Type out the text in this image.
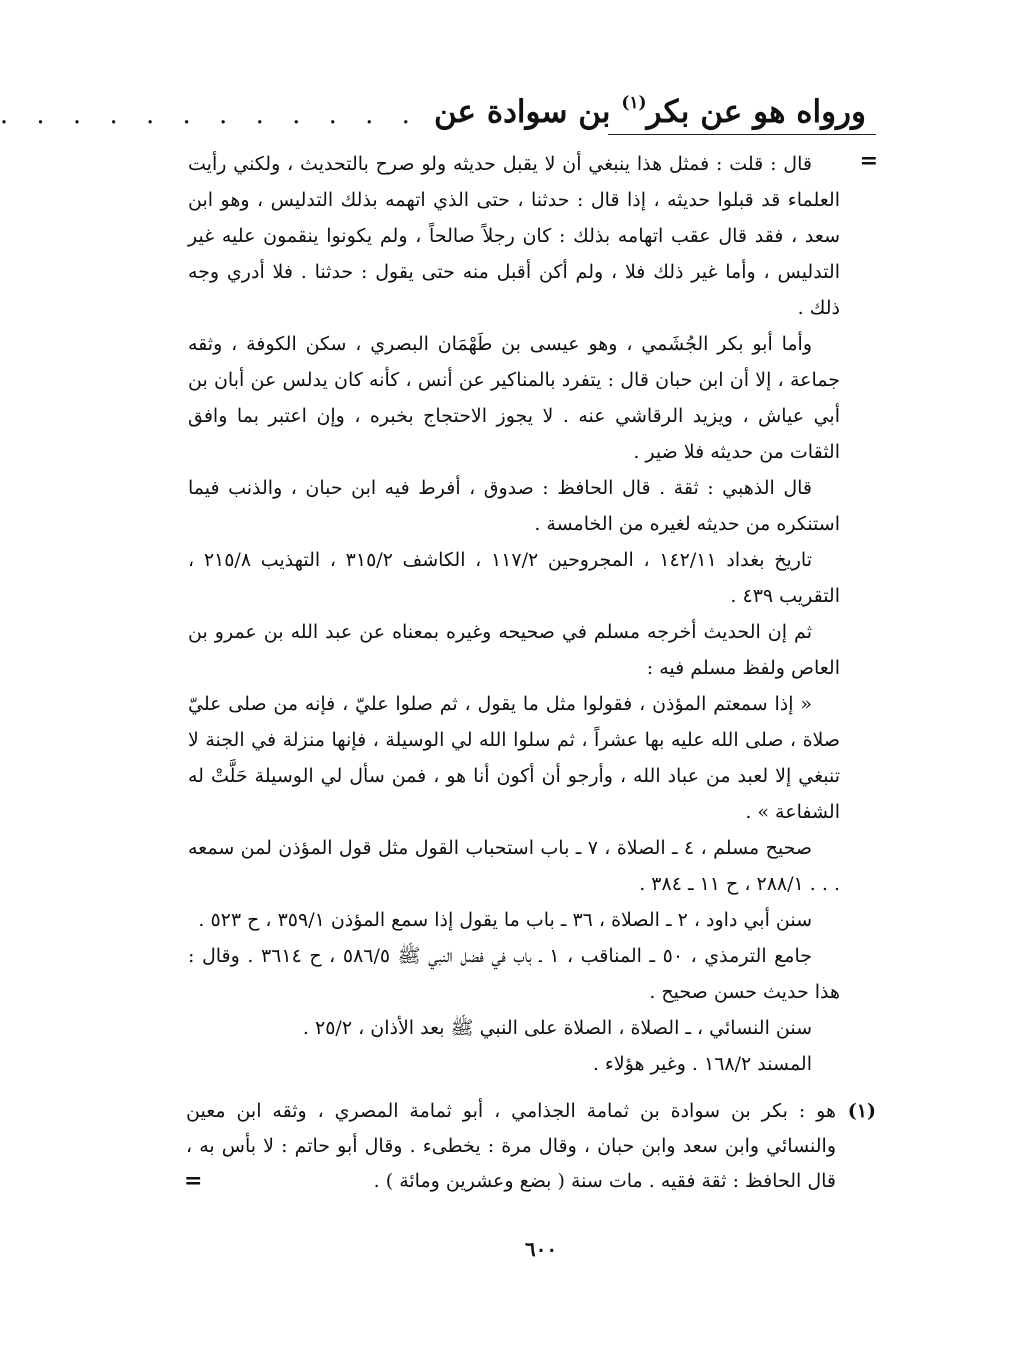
ورواه هو عن بكر$^{(١)}$ بن سوادة عن
. . . . . . . . . . . .
=

قال : قلت : فمثل هذا ينبغي أن لا يقبل حديثه ولو صرح بالتحديث ، ولكني رأيت العلماء قد قبلوا حديثه ، إذا قال : حدثنا ، حتى الذي اتهمه بذلك التدليس ، وهو ابن سعد ، فقد قال عقب اتهامه بذلك : كان رجلاً صالحاً ، ولم يكونوا ينقمون عليه غير التدليس ، وأما غير ذلك فلا ، ولم أكن أقبل منه حتى يقول : حدثنا . فلا أدري وجه ذلك .

وأما أبو بكر الجُشَمي ، وهو عيسى بن طَهْمَان البصري ، سكن الكوفة ، وثقه جماعة ، إلا أن ابن حبان قال : يتفرد بالمناكير عن أنس ، كأنه كان يدلس عن أبان بن أبي عياش ، ويزيد الرقاشي عنه . لا يجوز الاحتجاج بخبره ، وإن اعتبر بما وافق الثقات من حديثه فلا ضير .

قال الذهبي : ثقة . قال الحافظ : صدوق ، أفرط فيه ابن حبان ، والذنب فيما استنكره من حديثه لغيره من الخامسة .

تاريخ بغداد ١٤٢/١١ ، المجروحين ١١٧/٢ ، الكاشف ٣١٥/٢ ، التهذيب ٢١٥/٨ ، التقريب ٤٣٩ .

ثم إن الحديث أخرجه مسلم في صحيحه وغيره بمعناه عن عبد الله بن عمرو بن العاص ولفظ مسلم فيه :

« إذا سمعتم المؤذن ، فقولوا مثل ما يقول ، ثم صلوا عليّ ، فإنه من صلى عليّ صلاة ، صلى الله عليه بها عشراً ، ثم سلوا الله لي الوسيلة ، فإنها منزلة في الجنة لا تنبغي إلا لعبد من عباد الله ، وأرجو أن أكون أنا هو ، فمن سأل لي الوسيلة حَلَّتْ له الشفاعة » .

صحيح مسلم ، ٤ ـ الصلاة ، ٧ ـ باب استحباب القول مثل قول المؤذن لمن سمعه . . . ٢٨٨/١ ، ح ١١ ـ ٣٨٤ .

سنن أبي داود ، ٢ ـ الصلاة ، ٣٦ ـ باب ما يقول إذا سمع المؤذن ٣٥٩/١ ، ح ٥٢٣ .

جامع الترمذي ، ٥٠ ـ المناقب ، ١ ـ باب في فضل النبي ﷺ ٥٨٦/٥ ، ح ٣٦١٤ . وقال : هذا حديث حسن صحيح .

سنن النسائي ، ـ الصلاة ، الصلاة على النبي ﷺ بعد الأذان ، ٢٥/٢ .

المسند ١٦٨/٢ . وغير هؤلاء .

(١)
هو : بكر بن سوادة بن ثمامة الجذامي ، أبو ثمامة المصري ، وثقه ابن معين والنسائي وابن سعد وابن حبان ، وقال مرة : يخطىء . وقال أبو حاتم : لا بأس به ، قال الحافظ : ثقة فقيه . مات سنة ( بضع وعشرين ومائة ) .
=
٦٠٠
